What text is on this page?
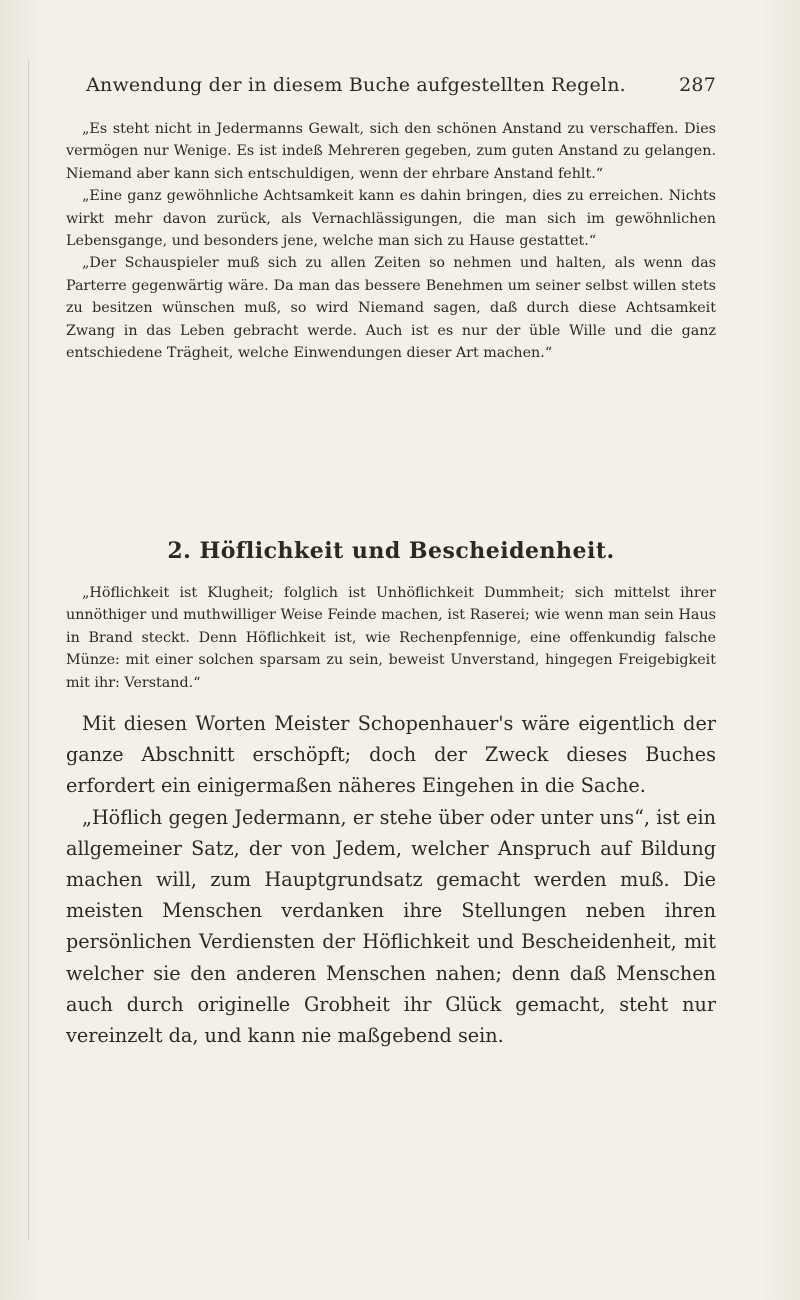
Anwendung der in diesem Buche aufgestellten Regeln.	287

„Es steht nicht in Jedermanns Gewalt, sich den schönen Anstand zu verschaffen. Dies vermögen nur Wenige. Es ist indeß Mehreren gegeben, zum guten Anstand zu gelangen. Niemand aber kann sich entschuldigen, wenn der ehrbare Anstand fehlt.“

„Eine ganz gewöhnliche Achtsamkeit kann es dahin bringen, dies zu erreichen. Nichts wirkt mehr davon zurück, als Vernachlässigungen, die man sich im gewöhnlichen Lebensgange, und besonders jene, welche man sich zu Hause gestattet.“

„Der Schauspieler muß sich zu allen Zeiten so nehmen und halten, als wenn das Parterre gegenwärtig wäre. Da man das bessere Benehmen um seiner selbst willen stets zu besitzen wünschen muß, so wird Niemand sagen, daß durch diese Achtsamkeit Zwang in das Leben gebracht werde. Auch ist es nur der üble Wille und die ganz entschiedene Trägheit, welche Einwendungen dieser Art machen.“

2. Höflichkeit und Bescheidenheit.

„Höflichkeit ist Klugheit; folglich ist Unhöflichkeit Dummheit; sich mittelst ihrer unnöthiger und muthwilliger Weise Feinde machen, ist Raserei; wie wenn man sein Haus in Brand steckt. Denn Höflichkeit ist, wie Rechenpfennige, eine offenkundig falsche Münze: mit einer solchen sparsam zu sein, beweist Unverstand, hingegen Freigebigkeit mit ihr: Verstand.“

Mit diesen Worten Meister Schopenhauer's wäre eigentlich der ganze Abschnitt erschöpft; doch der Zweck dieses Buches erfordert ein einigermaßen näheres Eingehen in die Sache.

„Höflich gegen Jedermann, er stehe über oder unter uns“, ist ein allgemeiner Satz, der von Jedem, welcher Anspruch auf Bildung machen will, zum Hauptgrundsatz gemacht werden muß. Die meisten Menschen verdanken ihre Stellungen neben ihren persönlichen Verdiensten der Höflichkeit und Bescheidenheit, mit welcher sie den anderen Menschen nahen; denn daß Menschen auch durch originelle Grobheit ihr Glück gemacht, steht nur vereinzelt da, und kann nie maßgebend sein.
